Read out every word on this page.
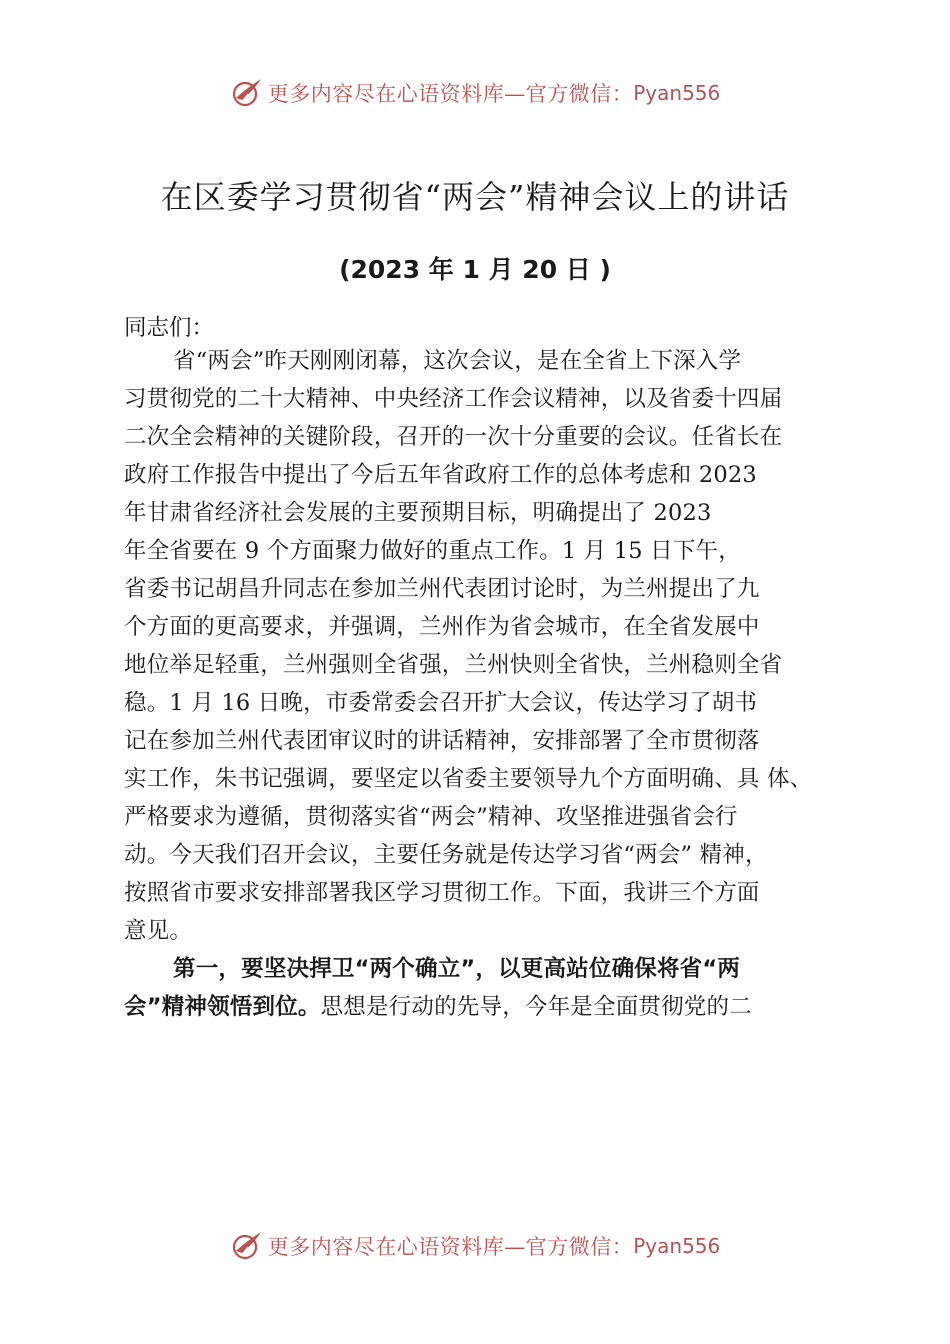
更多内容尽在心语资料库—官方微信： Pyan556
在区委学习贯彻省“两会”精神会议上的讲话
(2023 年 1 月 20 日 )
同志们：
省“两会”昨天刚刚闭幕，这次会议，是在全省上下深入学
习贯彻党的二十大精神、中央经济工作会议精神，以及省委十四届
二次全会精神的关键阶段，召开的一次十分重要的会议。任省长在
政府工作报告中提出了今后五年省政府工作的总体考虑和 2023
年甘肃省经济社会发展的主要预期目标，明确提出了 2023
年全省要在 9 个方面聚力做好的重点工作。1 月 15 日下午，
省委书记胡昌升同志在参加兰州代表团讨论时，为兰州提出了九
个方面的更高要求，并强调，兰州作为省会城市，在全省发展中
地位举足轻重，兰州强则全省强，兰州快则全省快，兰州稳则全省
稳。1 月 16 日晚，市委常委会召开扩大会议，传达学习了胡书
记在参加兰州代表团审议时的讲话精神，安排部署了全市贯彻落
实工作，朱书记强调，要坚定以省委主要领导九个方面明确、具 体、
严格要求为遵循，贯彻落实省“两会”精神、攻坚推进强省会行
动。今天我们召开会议，主要任务就是传达学习省“两会” 精神，
按照省市要求安排部署我区学习贯彻工作。下面，我讲三个方面
意见。
第一，要坚决捍卫“两个确立”，以更高站位确保将省“两
会”精神领悟到位。思想是行动的先导，今年是全面贯彻党的二
更多内容尽在心语资料库—官方微信： Pyan556
